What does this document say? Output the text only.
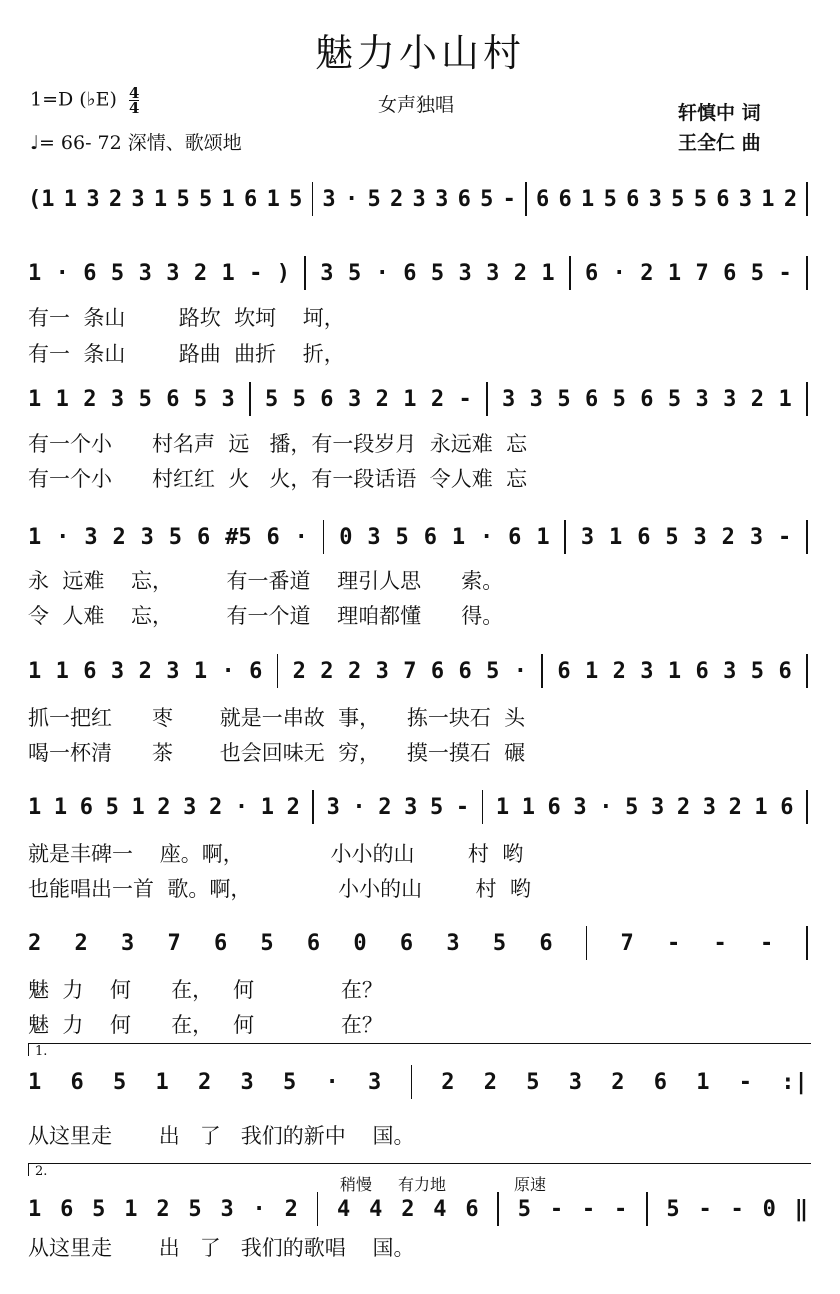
魅力小山村
1=D (♭E) $\frac{4}{4}$
♩= 66- 72 深情、歌颂地
女声独唱	轩慎中 词
王全仁 曲
(1 1 3 2 3 1 5 5 1 6 1 5 3 · 5 2 3 3 6 5 - 6 6 1 5 6 3 5 5 6 3 1 2
1 · 6 5 3 3 2 1 - ) 3 5 · 6 5 3 3 2 1 6 · 2 1 7 6 5 -
有一  条山        路坎  坎坷    坷，
有一  条山        路曲  曲折    折，
1 1 2 3 5 6 5 3 5 5 6 3 2 1 2 - 3 3 5 6 5 6 5 3 3 2 1
有一个小      村名声  远   播，有一段岁月  永远难  忘
有一个小      村红红  火   火，有一段话语  令人难  忘
1 · 3 2 3 5 6 #5 6 · 0 3 5 6 1 · 6 1 3 1 6 5 3 2 3 -
永  远难    忘，        有一番道    理引人思      索。
令  人难    忘，        有一个道    理咱都懂      得。
1 1 6 3 2 3 1 · 6 2 2 2 3 7 6 6 5 · 6 1 2 3 1 6 3 5 6
抓一把红      枣       就是一串故  事，    拣一块石  头
喝一杯清      茶       也会回味无  穷，    摸一摸石  碾
1 1 6 5 1 2 3 2 · 1 2 3 · 2 3 5 - 1 1 6 3 · 5 3 2 3 2 1 6
就是丰碑一    座。啊，             小小的山        村  哟
也能唱出一首  歌。啊，             小小的山        村  哟
2 2 3 7 6 5 6 0 6 3 5 6	7 - - -
魅  力    何      在，   何             在？
魅  力    何      在，   何             在？
1 6 5 1 2 3 5 · 3	2 2 5 3 2 6 1 - :|
从这里走       出   了   我们的新中    国。
1 6 5 1 2 5 3 · 2 4 4 2 4 6 5 - - - 5 - - 0 ‖
从这里走       出   了   我们的歌唱    国。
1.
2.
稍慢 有力地	原速
